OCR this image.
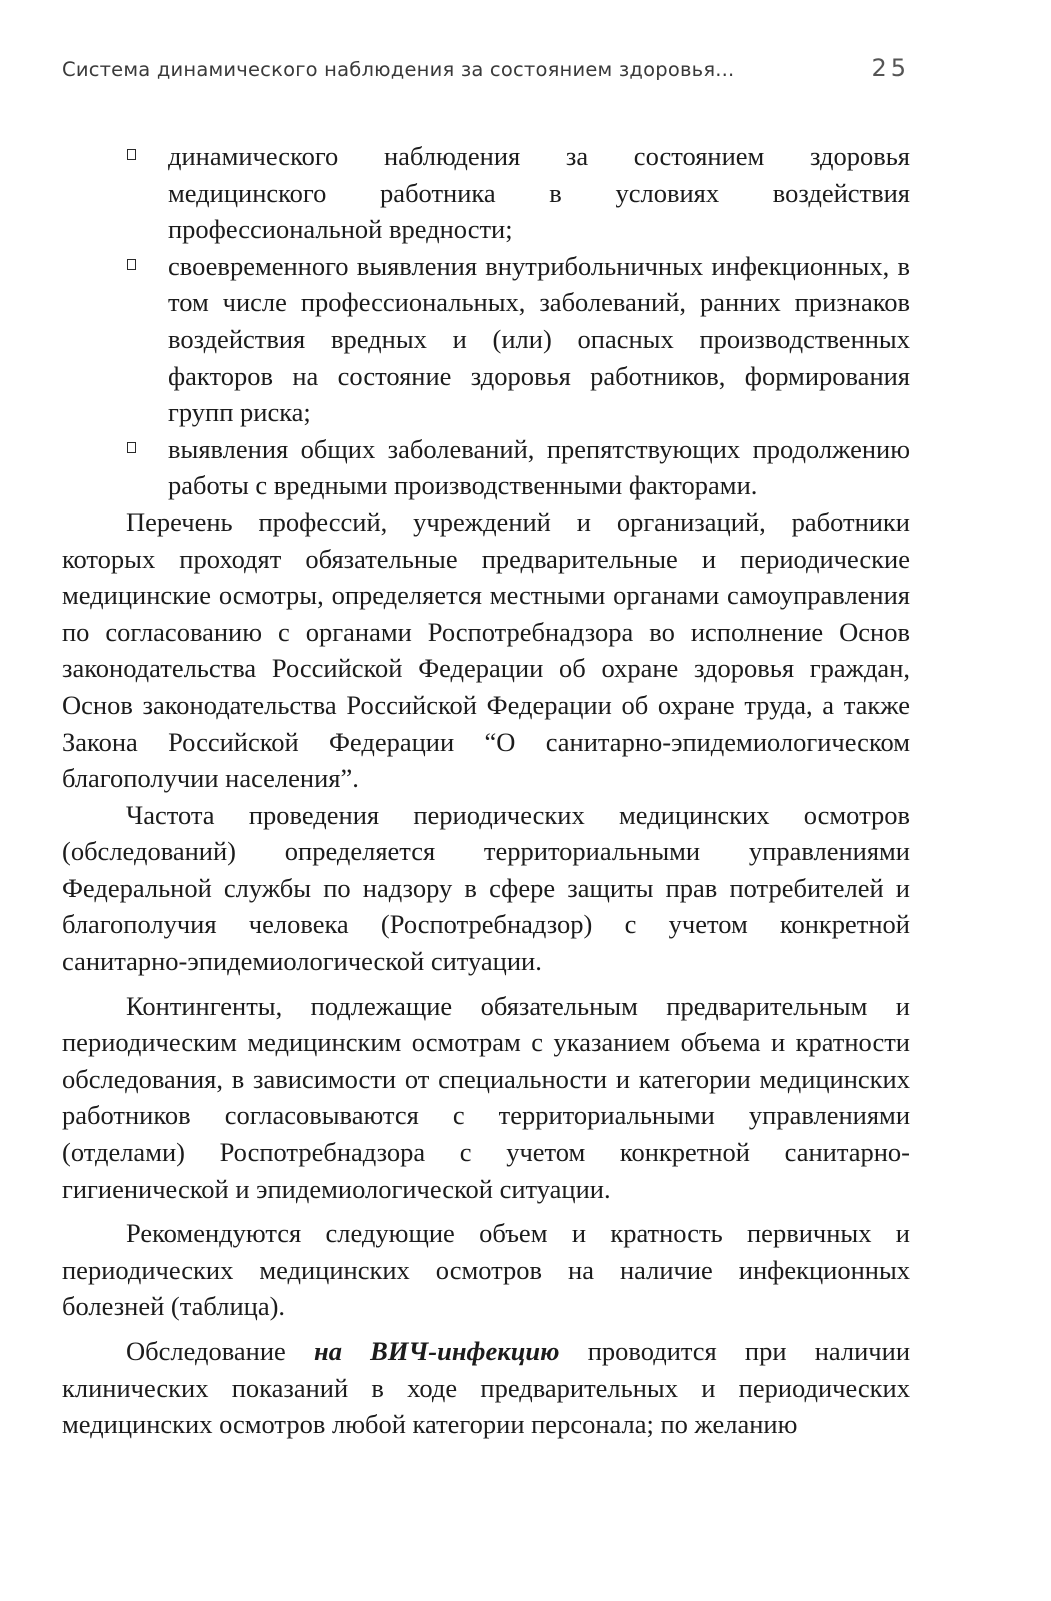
Система динамического наблюдения за состоянием здоровья...	25
динамического наблюдения за состоянием здоровья медицинского работника в условиях воздействия профессиональной вредности;
своевременного выявления внутрибольничных инфекционных, в том числе профессиональных, заболеваний, ранних признаков воздействия вредных и (или) опасных производственных факторов на состояние здоровья работников, формирования групп риска;
выявления общих заболеваний, препятствующих продолжению работы с вредными производственными факторами.

Перечень профессий, учреждений и организаций, работники которых проходят обязательные предварительные и периодические медицинские осмотры, определяется местными органами самоуправления по согласованию с органами Роспотребнадзора во исполнение Основ законодательства Российской Федерации об охране здоровья граждан, Основ законодательства Российской Федерации об охране труда, а также Закона Российской Федерации “О санитарно-эпидемиологическом благополучии населения”.

Частота проведения периодических медицинских осмотров (обследований) определяется территориальными управлениями Федеральной службы по надзору в сфере защиты прав потребителей и благополучия человека (Роспотребнадзор) с учетом конкретной санитарно-эпидемиологической ситуации.

Контингенты, подлежащие обязательным предварительным и периодическим медицинским осмотрам с указанием объема и кратности обследования, в зависимости от специальности и категории медицинских работников согласовываются с территориальными управлениями (отделами) Роспотребнадзора с учетом конкретной санитарно-гигиенической и эпидемиологической ситуации.

Рекомендуются следующие объем и кратность первичных и периодических медицинских осмотров на наличие инфекционных болезней (таблица).

Обследование на ВИЧ-инфекцию проводится при наличии клинических показаний в ходе предварительных и периодических медицинских осмотров любой категории персонала; по желанию
